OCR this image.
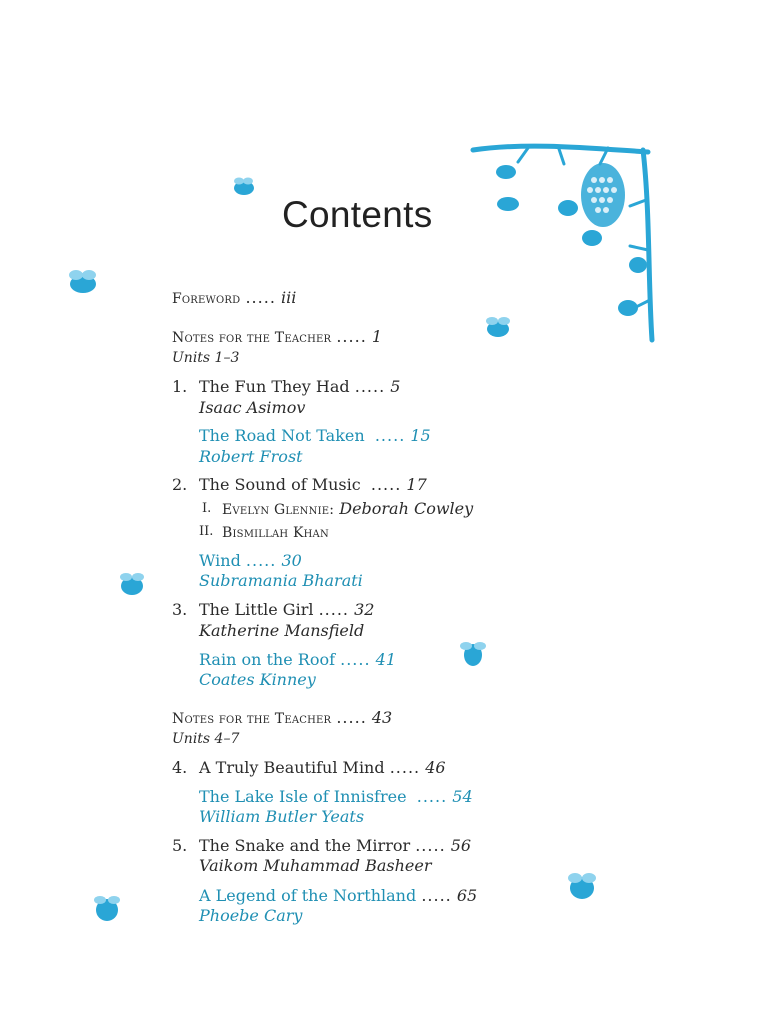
Contents
Foreword ..... iii
Notes for the Teacher ..... 1
Units 1–3
1. The Fun They Had ..... 5
Isaac Asimov
The Road Not Taken ..... 15
Robert Frost
2. The Sound of Music ..... 17
I. Evelyn Glennie: Deborah Cowley
II. Bismillah Khan
Wind ..... 30
Subramania Bharati
3. The Little Girl ..... 32
Katherine Mansfield
Rain on the Roof ..... 41
Coates Kinney
Notes for the Teacher ..... 43
Units 4–7
4. A Truly Beautiful Mind ..... 46
The Lake Isle of Innisfree ..... 54
William Butler Yeats
5. The Snake and the Mirror ..... 56
Vaikom Muhammad Basheer
A Legend of the Northland ..... 65
Phoebe Cary
